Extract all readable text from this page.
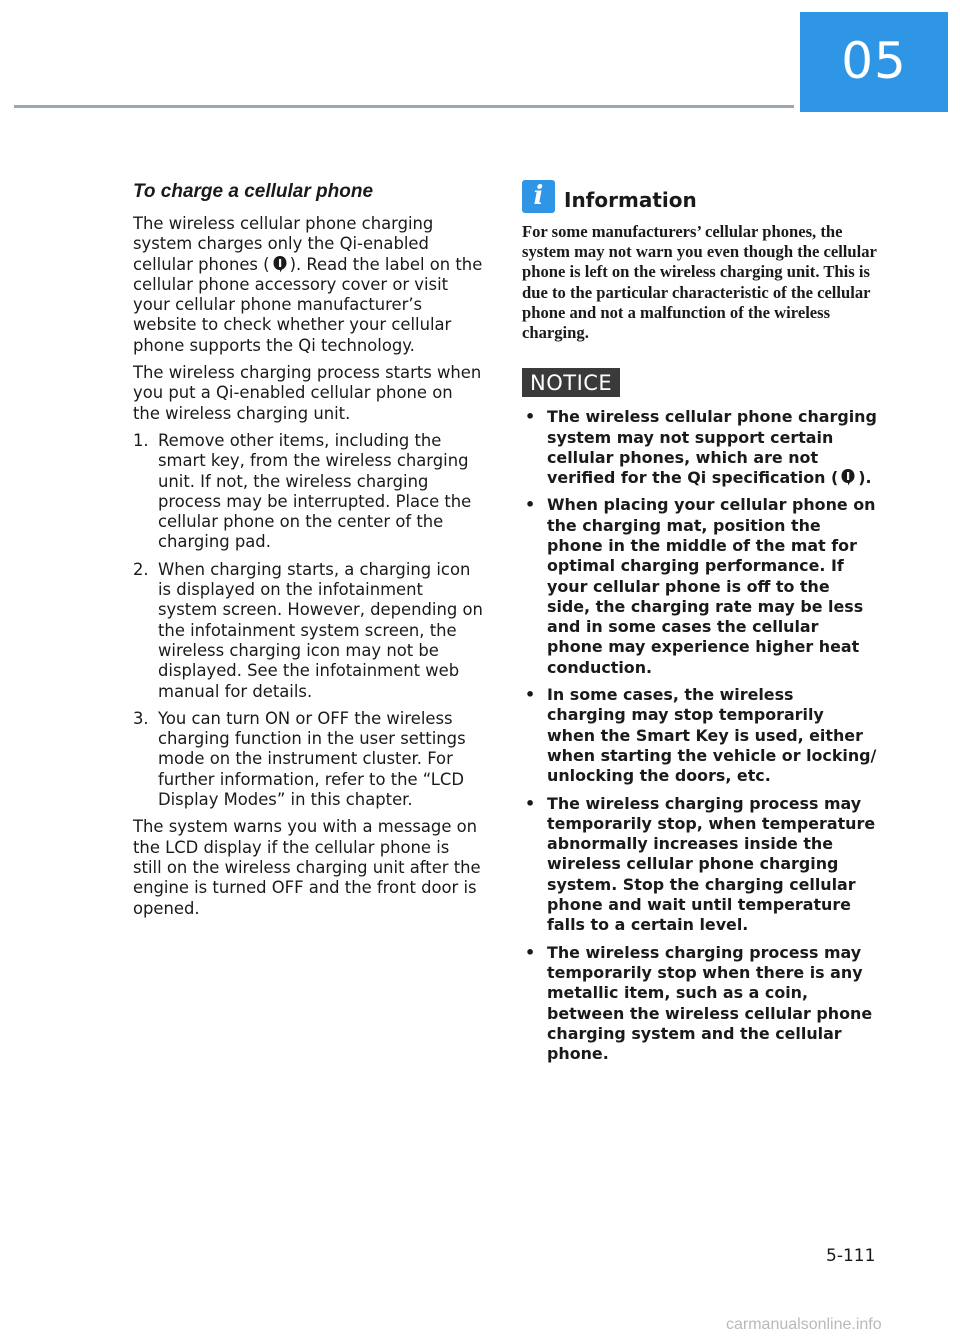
05
To charge a cellular phone

The wireless cellular phone charging system charges only the Qi-enabled cellular phones ( ). Read the label on the cellular phone accessory cover or visit your cellular phone manufacturer’s website to check whether your cellular phone supports the Qi technology.

The wireless charging process starts when you put a Qi-enabled cellular phone on the wireless charging unit.

1. Remove other items, including the smart key, from the wireless charging unit. If not, the wireless charging process may be interrupted. Place the cellular phone on the center of the charging pad.
2. When charging starts, a charging icon is displayed on the infotainment system screen. However, depending on the infotainment system screen, the wireless charging icon may not be displayed. See the infotainment web manual for details.
3. You can turn ON or OFF the wireless charging function in the user settings mode on the instrument cluster. For further information, refer to the “LCD Display Modes” in this chapter.

The system warns you with a message on the LCD display if the cellular phone is still on the wireless charging unit after the engine is turned OFF and the front door is opened.

i	Information

For some manufacturers’ cellular phones, the system may not warn you even though the cellular phone is left on the wireless charging unit. This is due to the particular characteristic of the cellular phone and not a malfunction of the wireless charging.

NOTICE
• The wireless cellular phone charging system may not support certain cellular phones, which are not verified for the Qi specification ( ).
• When placing your cellular phone on the charging mat, position the phone in the middle of the mat for optimal charging performance. If your cellular phone is off to the side, the charging rate may be less and in some cases the cellular phone may experience higher heat conduction.
• In some cases, the wireless charging may stop temporarily when the Smart Key is used, either when starting the vehicle or locking/ unlocking the doors, etc.
• The wireless charging process may temporarily stop, when temperature abnormally increases inside the wireless cellular phone charging system. Stop the charging cellular phone and wait until temperature falls to a certain level.
• The wireless charging process may temporarily stop when there is any metallic item, such as a coin, between the wireless cellular phone charging system and the cellular phone.
5-111
carmanualsonline.info
